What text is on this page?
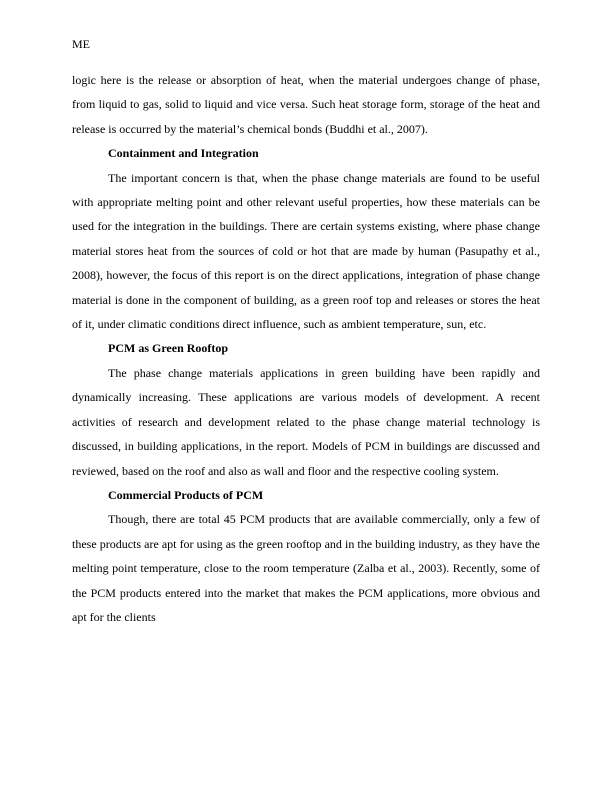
ME

logic here is the release or absorption of heat, when the material undergoes change of phase, from liquid to gas, solid to liquid and vice versa. Such heat storage form, storage of the heat and release is occurred by the material’s chemical bonds (Buddhi et al., 2007).

Containment and Integration

The important concern is that, when the phase change materials are found to be useful with appropriate melting point and other relevant useful properties, how these materials can be used for the integration in the buildings. There are certain systems existing, where phase change material stores heat from the sources of cold or hot that are made by human (Pasupathy et al., 2008), however, the focus of this report is on the direct applications, integration of phase change material is done in the component of building, as a green roof top and releases or stores the heat of it, under climatic conditions direct influence, such as ambient temperature, sun, etc.

PCM as Green Rooftop

The phase change materials applications in green building have been rapidly and dynamically increasing. These applications are various models of development. A recent activities of research and development related to the phase change material technology is discussed, in building applications, in the report. Models of PCM in buildings are discussed and reviewed, based on the roof and also as wall and floor and the respective cooling system.

Commercial Products of PCM

Though, there are total 45 PCM products that are available commercially, only a few of these products are apt for using as the green rooftop and in the building industry, as they have the melting point temperature, close to the room temperature (Zalba et al., 2003). Recently, some of the PCM products entered into the market that makes the PCM applications, more obvious and apt for the clients
